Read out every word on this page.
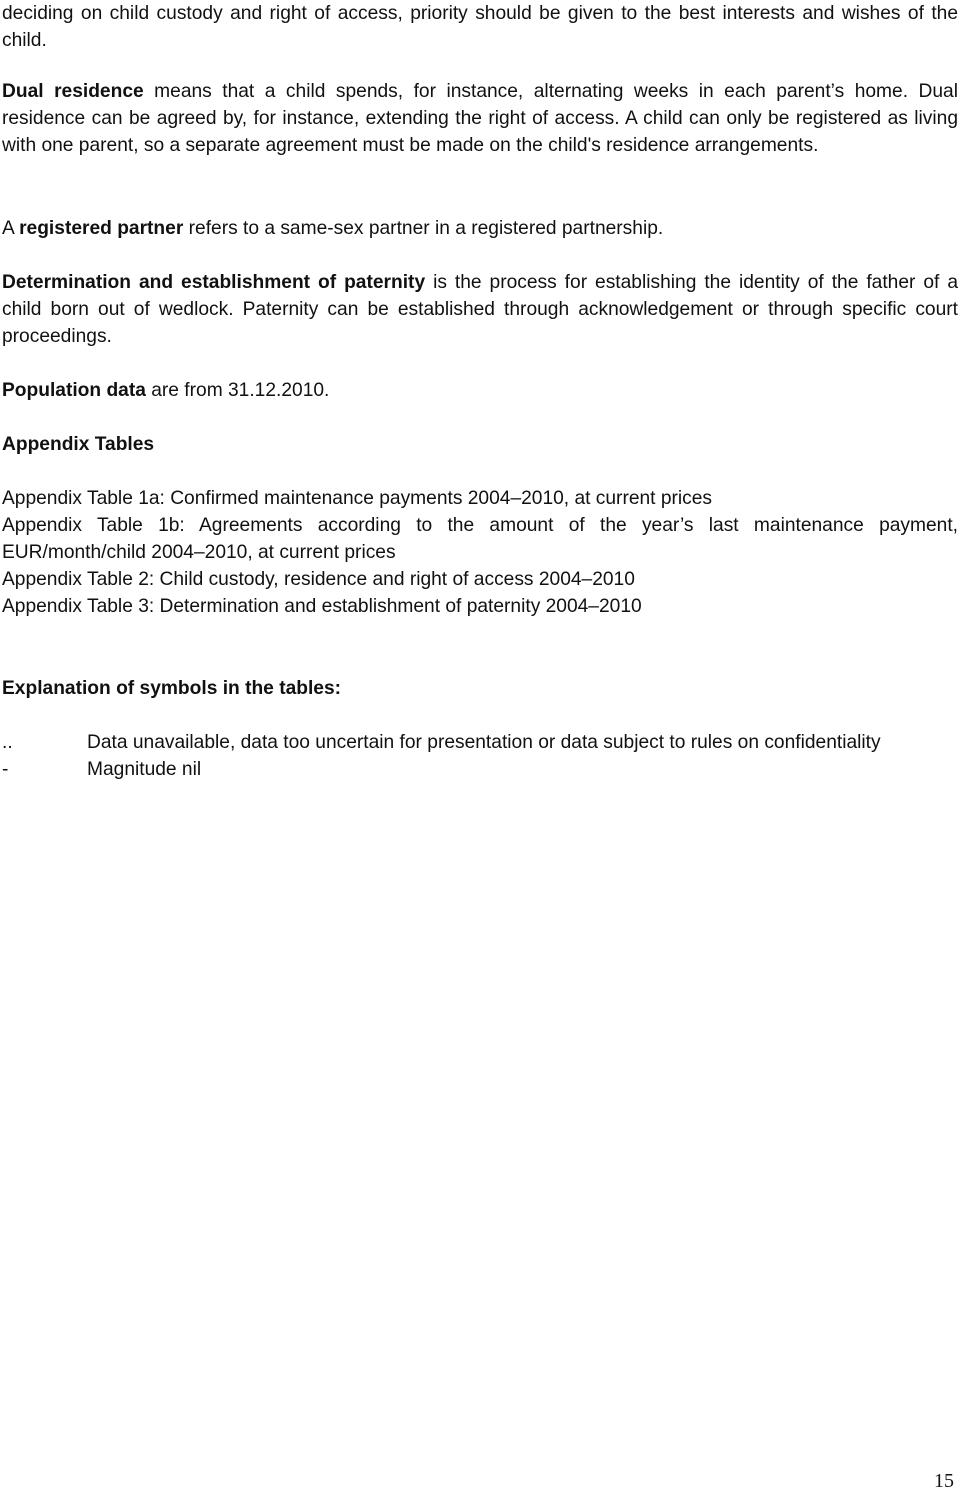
deciding on child custody and right of access, priority should be given to the best interests and wishes of the child.

Dual residence means that a child spends, for instance, alternating weeks in each parent’s home. Dual residence can be agreed by, for instance, extending the right of access. A child can only be registered as living with one parent, so a separate agreement must be made on the child's residence arrangements.

A registered partner refers to a same-sex partner in a registered partnership.

Determination and establishment of paternity is the process for establishing the identity of the father of a child born out of wedlock. Paternity can be established through acknowledgement or through specific court proceedings.

Population data are from 31.12.2010.

Appendix Tables

Appendix Table 1a: Confirmed maintenance payments 2004–2010, at current prices

Appendix Table 1b: Agreements according to the amount of the year’s last maintenance payment, EUR/month/child 2004–2010, at current prices

Appendix Table 2: Child custody, residence and right of access 2004–2010

Appendix Table 3: Determination and establishment of paternity 2004–2010

Explanation of symbols in the tables:

..	Data unavailable, data too uncertain for presentation or data subject to rules on confidentiality

-	Magnitude nil

15
